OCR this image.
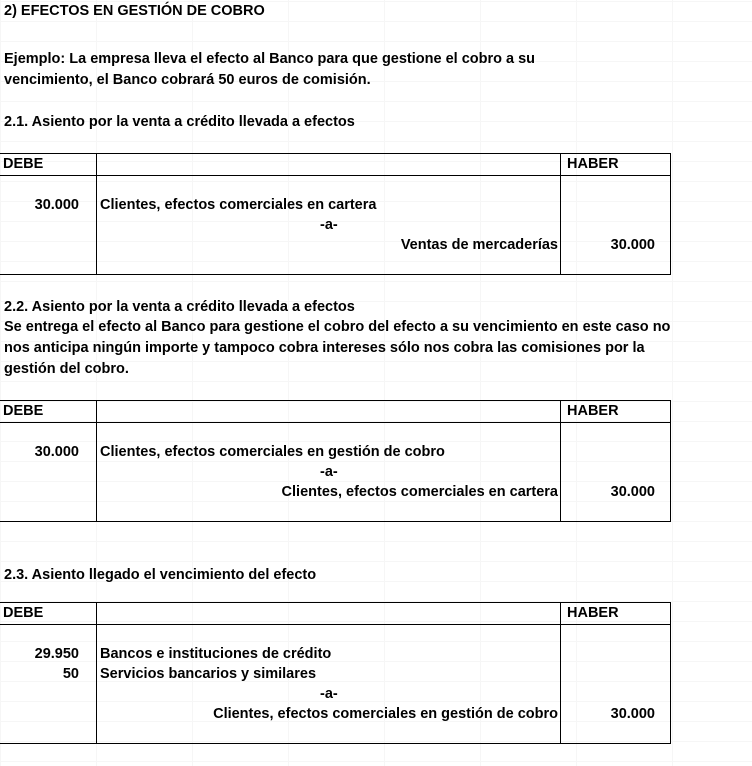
2) EFECTOS EN GESTIÓN DE COBRO
Ejemplo: La empresa lleva el efecto al Banco para que gestione el cobro a su
vencimiento, el Banco cobrará 50 euros de comisión.
2.1. Asiento por la venta a crédito llevada a efectos
DEBE	HABER
30.000 Clientes, efectos comerciales en cartera
-a-
Ventas de mercaderías	30.000
2.2. Asiento por la venta a crédito llevada a efectos
Se entrega el efecto al Banco para gestione el cobro del efecto a su vencimiento en este caso no
nos anticipa ningún importe y tampoco cobra intereses sólo nos cobra las comisiones por la
gestión del cobro.
DEBE	HABER
30.000 Clientes, efectos comerciales en gestión de cobro
-a-
Clientes, efectos comerciales en cartera	30.000
2.3. Asiento llegado el vencimiento del efecto
DEBE	HABER
29.950 Bancos e instituciones de crédito
50 Servicios bancarios y similares
-a-
Clientes, efectos comerciales en gestión de cobro	30.000
